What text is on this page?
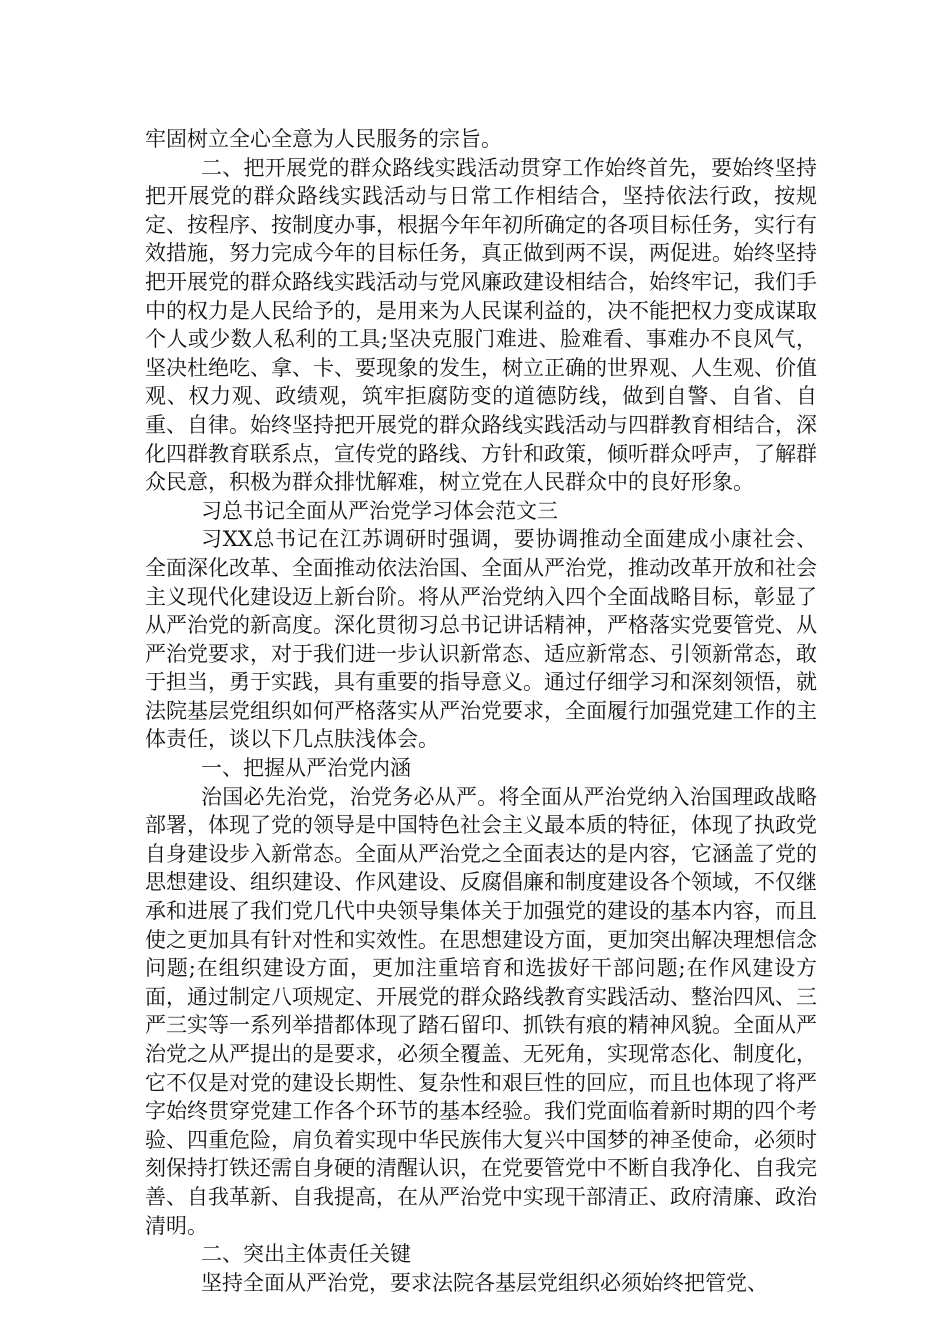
牢固树立全心全意为人民服务的宗旨。

二、把开展党的群众路线实践活动贯穿工作始终首先，要始终坚持把开展党的群众路线实践活动与日常工作相结合，坚持依法行政，按规定、按程序、按制度办事，根据今年年初所确定的各项目标任务，实行有效措施，努力完成今年的目标任务，真正做到两不误，两促进。始终坚持把开展党的群众路线实践活动与党风廉政建设相结合，始终牢记，我们手中的权力是人民给予的，是用来为人民谋利益的，决不能把权力变成谋取个人或少数人私利的工具;坚决克服门难进、脸难看、事难办不良风气，坚决杜绝吃、拿、卡、要现象的发生，树立正确的世界观、人生观、价值观、权力观、政绩观，筑牢拒腐防变的道德防线，做到自警、自省、自重、自律。始终坚持把开展党的群众路线实践活动与四群教育相结合，深化四群教育联系点，宣传党的路线、方针和政策，倾听群众呼声，了解群众民意，积极为群众排忧解难，树立党在人民群众中的良好形象。

习总书记全面从严治党学习体会范文三

习XX总书记在江苏调研时强调，要协调推动全面建成小康社会、全面深化改革、全面推动依法治国、全面从严治党，推动改革开放和社会主义现代化建设迈上新台阶。将从严治党纳入四个全面战略目标，彰显了从严治党的新高度。深化贯彻习总书记讲话精神，严格落实党要管党、从严治党要求，对于我们进一步认识新常态、适应新常态、引领新常态，敢于担当，勇于实践，具有重要的指导意义。通过仔细学习和深刻领悟，就法院基层党组织如何严格落实从严治党要求，全面履行加强党建工作的主体责任，谈以下几点肤浅体会。

一、把握从严治党内涵

治国必先治党，治党务必从严。将全面从严治党纳入治国理政战略部署，体现了党的领导是中国特色社会主义最本质的特征，体现了执政党自身建设步入新常态。全面从严治党之全面表达的是内容，它涵盖了党的思想建设、组织建设、作风建设、反腐倡廉和制度建设各个领域，不仅继承和进展了我们党几代中央领导集体关于加强党的建设的基本内容，而且使之更加具有针对性和实效性。在思想建设方面，更加突出解决理想信念问题;在组织建设方面，更加注重培育和选拔好干部问题;在作风建设方面，通过制定八项规定、开展党的群众路线教育实践活动、整治四风、三严三实等一系列举措都体现了踏石留印、抓铁有痕的精神风貌。全面从严治党之从严提出的是要求，必须全覆盖、无死角，实现常态化、制度化，它不仅是对党的建设长期性、复杂性和艰巨性的回应，而且也体现了将严字始终贯穿党建工作各个环节的基本经验。我们党面临着新时期的四个考验、四重危险，肩负着实现中华民族伟大复兴中国梦的神圣使命，必须时刻保持打铁还需自身硬的清醒认识，在党要管党中不断自我净化、自我完善、自我革新、自我提高，在从严治党中实现干部清正、政府清廉、政治清明。

二、突出主体责任关键

坚持全面从严治党，要求法院各基层党组织必须始终把管党、
